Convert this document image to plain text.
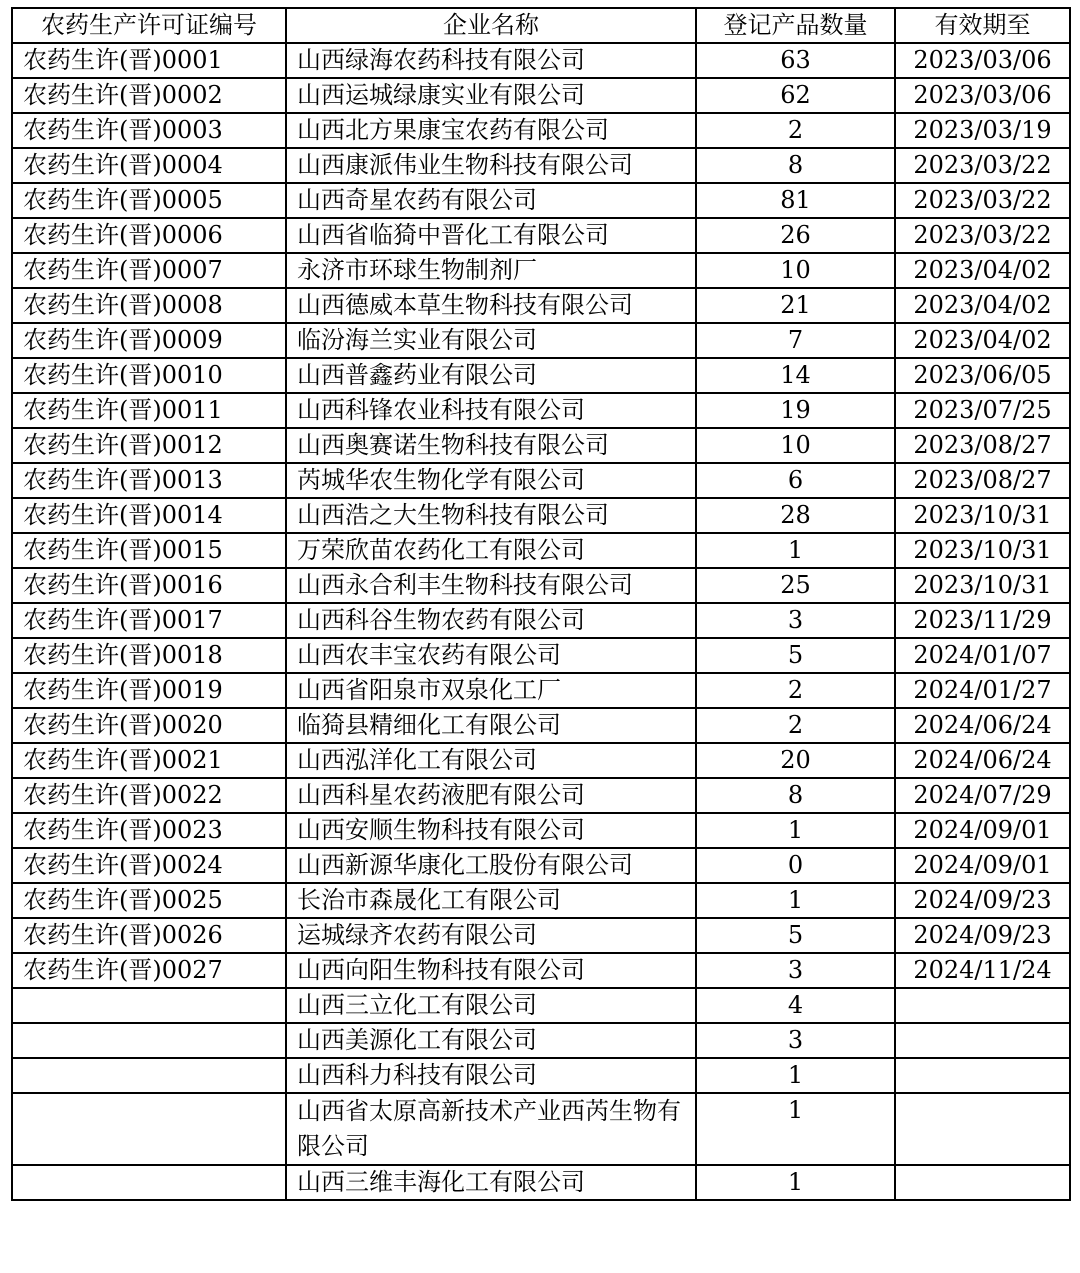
农药生产许可证编号	企业名称	登记产品数量	有效期至
农药生许(晋)0001	山西绿海农药科技有限公司	63	2023/03/06
农药生许(晋)0002	山西运城绿康实业有限公司	62	2023/03/06
农药生许(晋)0003	山西北方果康宝农药有限公司	2	2023/03/19
农药生许(晋)0004	山西康派伟业生物科技有限公司	8	2023/03/22
农药生许(晋)0005	山西奇星农药有限公司	81	2023/03/22
农药生许(晋)0006	山西省临猗中晋化工有限公司	26	2023/03/22
农药生许(晋)0007	永济市环球生物制剂厂	10	2023/04/02
农药生许(晋)0008	山西德威本草生物科技有限公司	21	2023/04/02
农药生许(晋)0009	临汾海兰实业有限公司	7	2023/04/02
农药生许(晋)0010	山西普鑫药业有限公司	14	2023/06/05
农药生许(晋)0011	山西科锋农业科技有限公司	19	2023/07/25
农药生许(晋)0012	山西奥赛诺生物科技有限公司	10	2023/08/27
农药生许(晋)0013	芮城华农生物化学有限公司	6	2023/08/27
农药生许(晋)0014	山西浩之大生物科技有限公司	28	2023/10/31
农药生许(晋)0015	万荣欣苗农药化工有限公司	1	2023/10/31
农药生许(晋)0016	山西永合利丰生物科技有限公司	25	2023/10/31
农药生许(晋)0017	山西科谷生物农药有限公司	3	2023/11/29
农药生许(晋)0018	山西农丰宝农药有限公司	5	2024/01/07
农药生许(晋)0019	山西省阳泉市双泉化工厂	2	2024/01/27
农药生许(晋)0020	临猗县精细化工有限公司	2	2024/06/24
农药生许(晋)0021	山西泓洋化工有限公司	20	2024/06/24
农药生许(晋)0022	山西科星农药液肥有限公司	8	2024/07/29
农药生许(晋)0023	山西安顺生物科技有限公司	1	2024/09/01
农药生许(晋)0024	山西新源华康化工股份有限公司	0	2024/09/01
农药生许(晋)0025	长治市森晟化工有限公司	1	2024/09/23
农药生许(晋)0026	运城绿齐农药有限公司	5	2024/09/23
农药生许(晋)0027	山西向阳生物科技有限公司	3	2024/11/24
	山西三立化工有限公司	4	
	山西美源化工有限公司	3	
	山西科力科技有限公司	1	
	山西省太原高新技术产业西芮生物有限公司	1	
	山西三维丰海化工有限公司	1	
